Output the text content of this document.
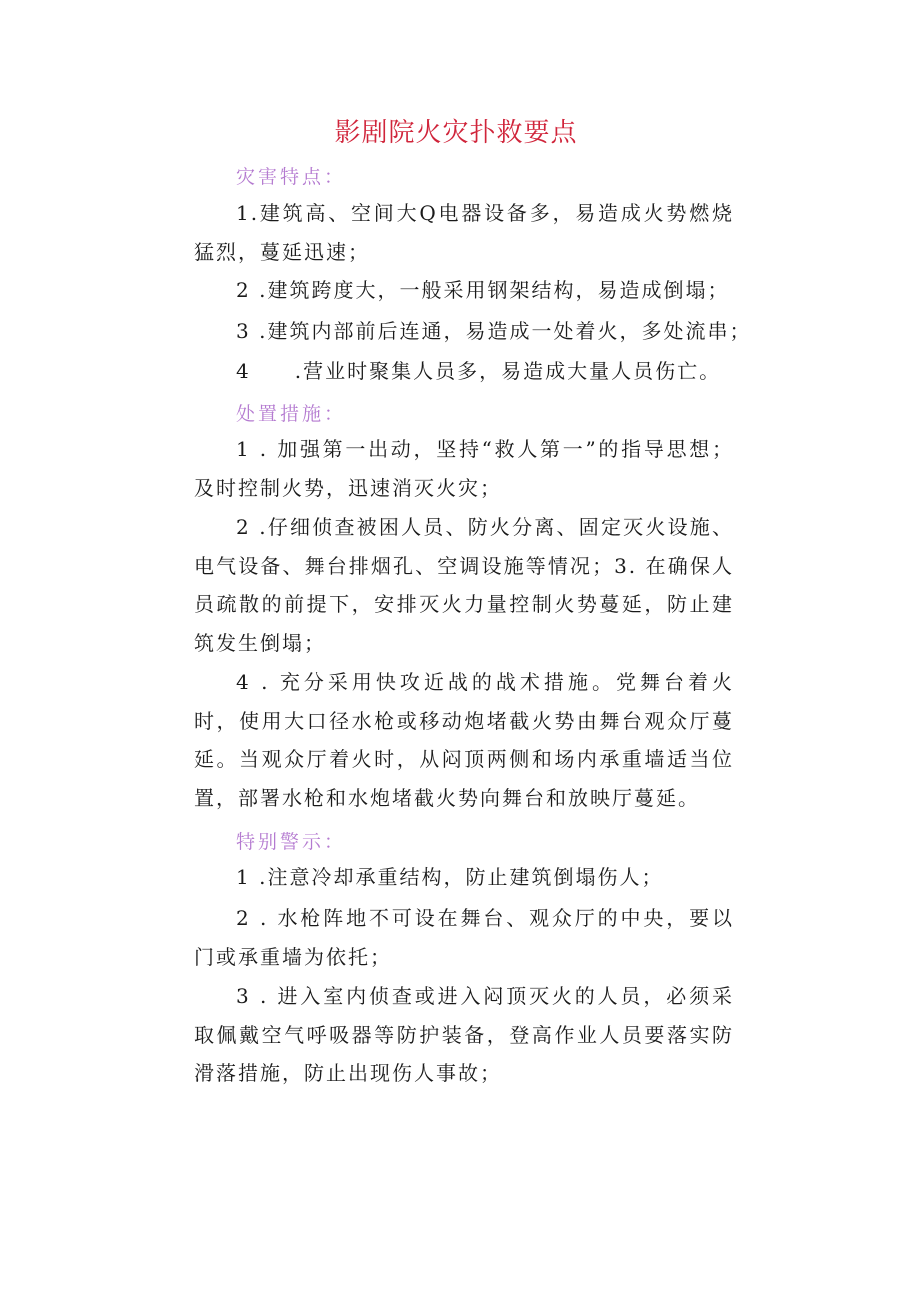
影剧院火灾扑救要点
灾害特点：

1.建筑高、空间大Q电器设备多，易造成火势燃烧猛烈，蔓延迅速；

2 .建筑跨度大，一般采用钢架结构，易造成倒塌；

3 .建筑内部前后连通，易造成一处着火，多处流串；

4　　.营业时聚集人员多，易造成大量人员伤亡。

处置措施：

1 . 加强第一出动，坚持“救人第一”的指导思想；及时控制火势，迅速消灭火灾；

2 .仔细侦查被困人员、防火分离、固定灭火设施、电气设备、舞台排烟孔、空调设施等情况；3. 在确保人员疏散的前提下，安排灭火力量控制火势蔓延，防止建筑发生倒塌；

4 . 充分采用快攻近战的战术措施。党舞台着火时，使用大口径水枪或移动炮堵截火势由舞台观众厅蔓延。当观众厅着火时，从闷顶两侧和场内承重墙适当位置，部署水枪和水炮堵截火势向舞台和放映厅蔓延。

特别警示：

1 .注意冷却承重结构，防止建筑倒塌伤人；

2 . 水枪阵地不可设在舞台、观众厅的中央，要以门或承重墙为依托；

3 . 进入室内侦查或进入闷顶灭火的人员，必须采取佩戴空气呼吸器等防护装备，登高作业人员要落实防滑落措施，防止出现伤人事故；
